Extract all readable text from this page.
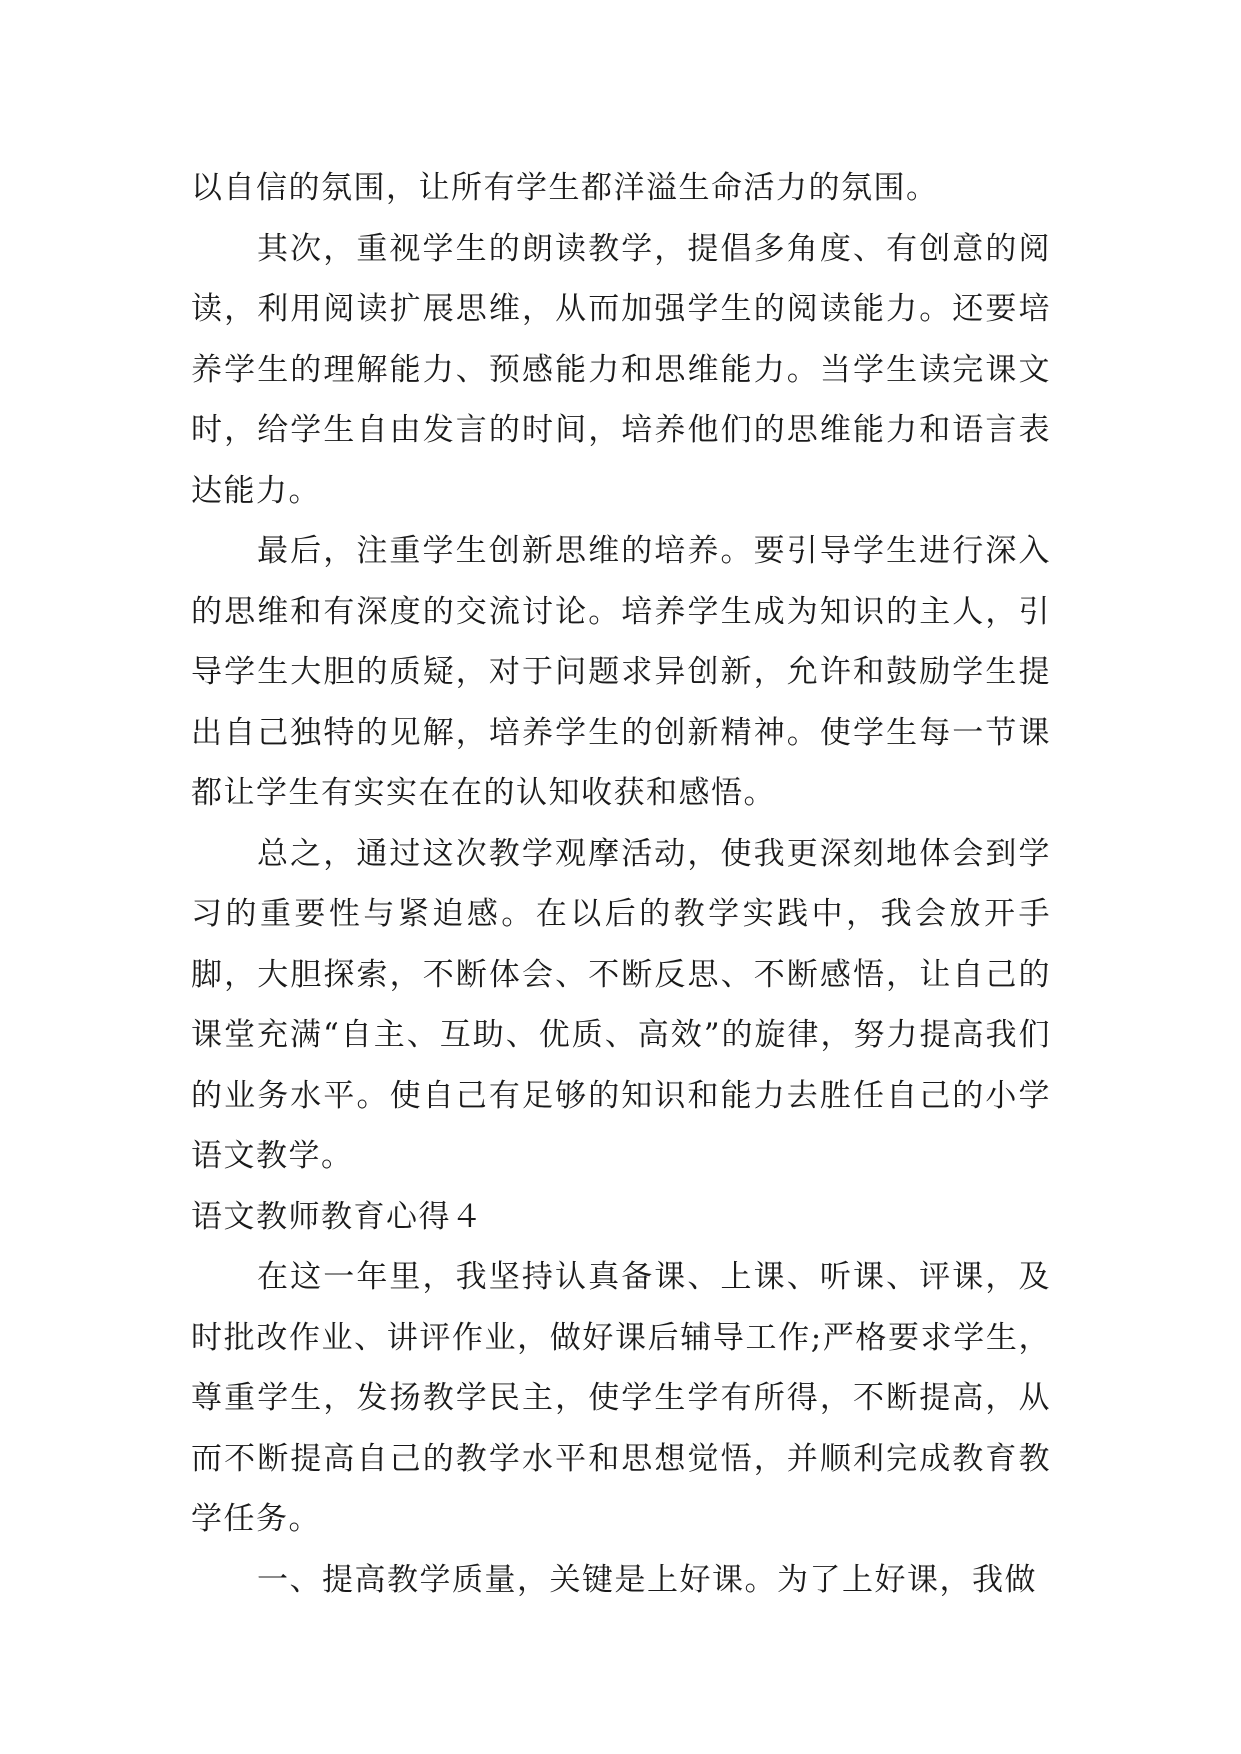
以自信的氛围，让所有学生都洋溢生命活力的氛围。

其次，重视学生的朗读教学，提倡多角度、有创意的阅读，利用阅读扩展思维，从而加强学生的阅读能力。还要培养学生的理解能力、预感能力和思维能力。当学生读完课文时，给学生自由发言的时间，培养他们的思维能力和语言表达能力。

最后，注重学生创新思维的培养。要引导学生进行深入的思维和有深度的交流讨论。培养学生成为知识的主人，引导学生大胆的质疑，对于问题求异创新，允许和鼓励学生提出自己独特的见解，培养学生的创新精神。使学生每一节课都让学生有实实在在的认知收获和感悟。

总之，通过这次教学观摩活动，使我更深刻地体会到学习的重要性与紧迫感。在以后的教学实践中，我会放开手脚，大胆探索，不断体会、不断反思、不断感悟，让自己的课堂充满“自主、互助、优质、高效”的旋律，努力提高我们的业务水平。使自己有足够的知识和能力去胜任自己的小学语文教学。

语文教师教育心得４

在这一年里，我坚持认真备课、上课、听课、评课，及时批改作业、讲评作业，做好课后辅导工作;严格要求学生，尊重学生，发扬教学民主，使学生学有所得，不断提高，从而不断提高自己的教学水平和思想觉悟，并顺利完成教育教学任务。

一、提高教学质量，关键是上好课。为了上好课，我做
